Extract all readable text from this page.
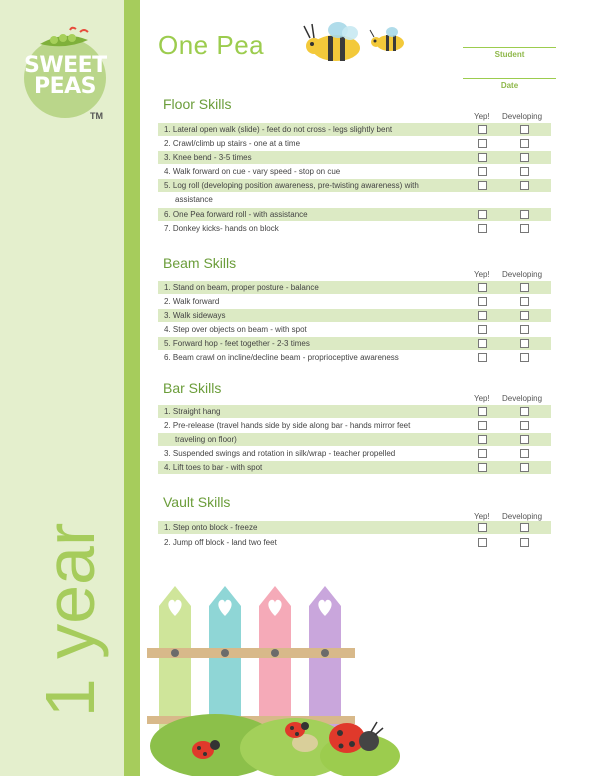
SWEET
PEAS
TM
1 year
One Pea	Student
Date
Floor Skills
Yep! Developing
1. Lateral open walk (slide) - feet do not cross - legs slightly bent
2. Crawl/climb up stairs - one at a time
3. Knee bend - 3-5 times
4. Walk forward on cue - vary speed - stop on cue
5. Log roll (developing position awareness, pre-twisting awareness) with
assistance
6. One Pea forward roll - with assistance
7. Donkey kicks- hands on block
Beam Skills
Yep! Developing
1. Stand on beam, proper posture - balance
2. Walk forward
3. Walk sideways
4. Step over objects on beam - with spot
5. Forward hop - feet together - 2-3 times
6. Beam crawl on incline/decline beam - proprioceptive awareness
Bar Skills
Yep! Developing
1. Straight hang
2. Pre-release (travel hands side by side along bar - hands mirror feet
traveling on floor)
3. Suspended swings and rotation in silk/wrap - teacher propelled
4. Lift toes to bar - with spot
Vault Skills
Yep! Developing
1. Step onto block - freeze
2. Jump off block - land two feet
